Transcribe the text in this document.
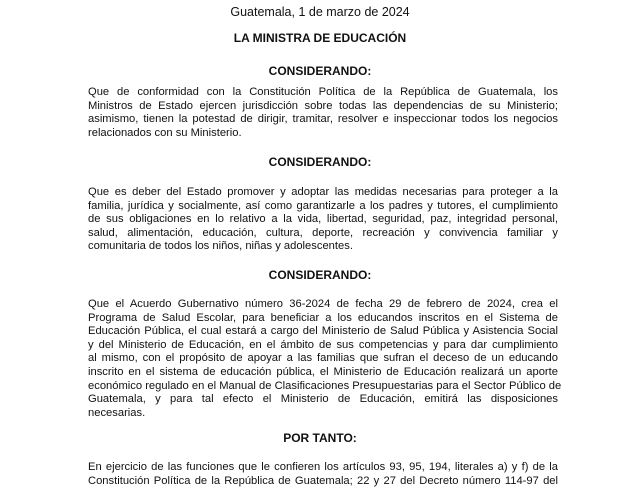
Guatemala, 1 de marzo de 2024
LA MINISTRA DE EDUCACIÓN
CONSIDERANDO:
Que de conformidad con la Constitución Política de la República de Guatemala, los
Ministros de Estado ejercen jurisdicción sobre todas las dependencias de su Ministerio;
asimismo, tienen la potestad de dirigir, tramitar, resolver e inspeccionar todos los negocios
relacionados con su Ministerio.
CONSIDERANDO:
Que es deber del Estado promover y adoptar las medidas necesarias para proteger a la
familia, jurídica y socialmente, así como garantizarle a los padres y tutores, el cumplimiento
de sus obligaciones en lo relativo a la vida, libertad, seguridad, paz, integridad personal,
salud, alimentación, educación, cultura, deporte, recreación y convivencia familiar y
comunitaria de todos los niños, niñas y adolescentes.
CONSIDERANDO:
Que el Acuerdo Gubernativo número 36-2024 de fecha 29 de febrero de 2024, crea el
Programa de Salud Escolar, para beneficiar a los educandos inscritos en el Sistema de
Educación Pública, el cual estará a cargo del Ministerio de Salud Pública y Asistencia Social
y del Ministerio de Educación, en el ámbito de sus competencias y para dar cumplimiento
al mismo, con el propósito de apoyar a las familias que sufran el deceso de un educando
inscrito en el sistema de educación pública, el Ministerio de Educación realizará un aporte
económico regulado en el Manual de Clasificaciones Presupuestarias para el Sector Público de
Guatemala, y para tal efecto el Ministerio de Educación, emitirá las disposiciones
necesarias.
POR TANTO:
En ejercicio de las funciones que le confieren los artículos 93, 95, 194, literales a) y f) de la
Constitución Política de la República de Guatemala; 22 y 27 del Decreto número 114-97 del
